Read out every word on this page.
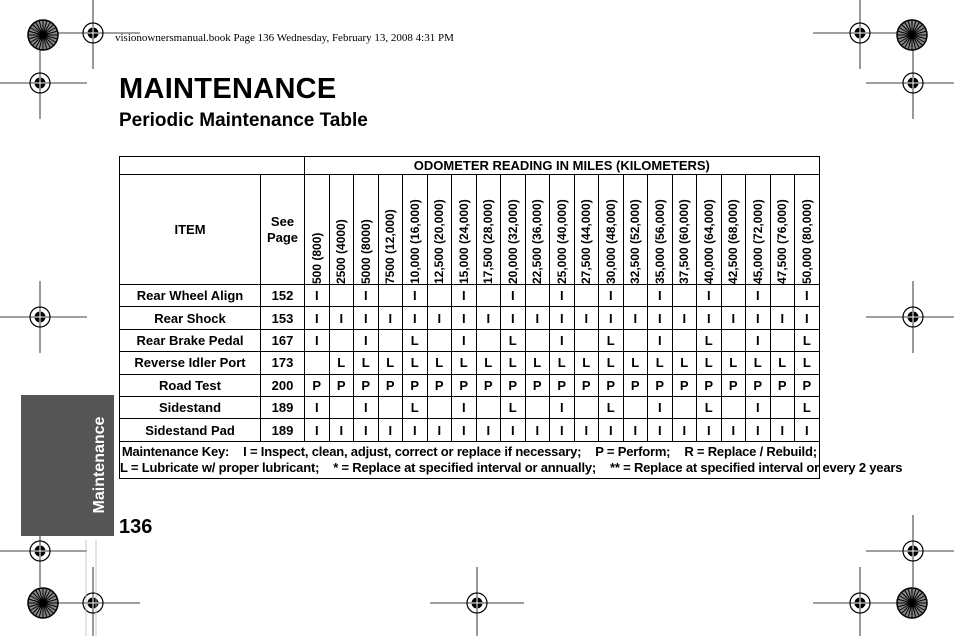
visionownersmanual.book Page 136 Wednesday, February 13, 2008 4:31 PM
MAINTENANCE
Periodic Maintenance Table
Maintenance
136
		ODOMETER READING IN MILES (KILOMETERS)																				
ITEM	See
Page	500 (800)	2500 (4000)	5000 (8000)	7500 (12,000)	10,000 (16,000)	12,500 (20,000)	15,000 (24,000)	17,500 (28,000)	20,000 (32,000)	22,500 (36,000)	25,000 (40,000)	27,500 (44,000)	30,000 (48,000)	32,500 (52,000)	35,000 (56,000)	37,500 (60,000)	40,000 (64,000)	42,500 (68,000)	45,000 (72,000)	47,500 (76,000)	50,000 (80,000)

Rear Wheel Align	152	I		I		I		I		I		I		I		I		I		I		I
Rear Shock	153	I	I	I	I	I	I	I	I	I	I	I	I	I	I	I	I	I	I	I	I	I
Rear Brake Pedal	167	I		I		L		I		L		I		L		I		L		I		L
Reverse Idler Port	173		L	L	L	L	L	L	L	L	L	L	L	L	L	L	L	L	L	L	L	L
Road Test	200	P	P	P	P	P	P	P	P	P	P	P	P	P	P	P	P	P	P	P	P	P
Sidestand	189	I		I		L		I		L		I		L		I		L		I		L
Sidestand Pad	189	I	I	I	I	I	I	I	I	I	I	I	I	I	I	I	I	I	I	I	I	I
Maintenance Key: I = Inspect, clean, adjust, correct or replace if necessary; P = Perform; R = Replace / Rebuild;
L = Lubricate w/ proper lubricant; * = Replace at specified interval or annually; ** = Replace at specified interval or every 2 years																						
